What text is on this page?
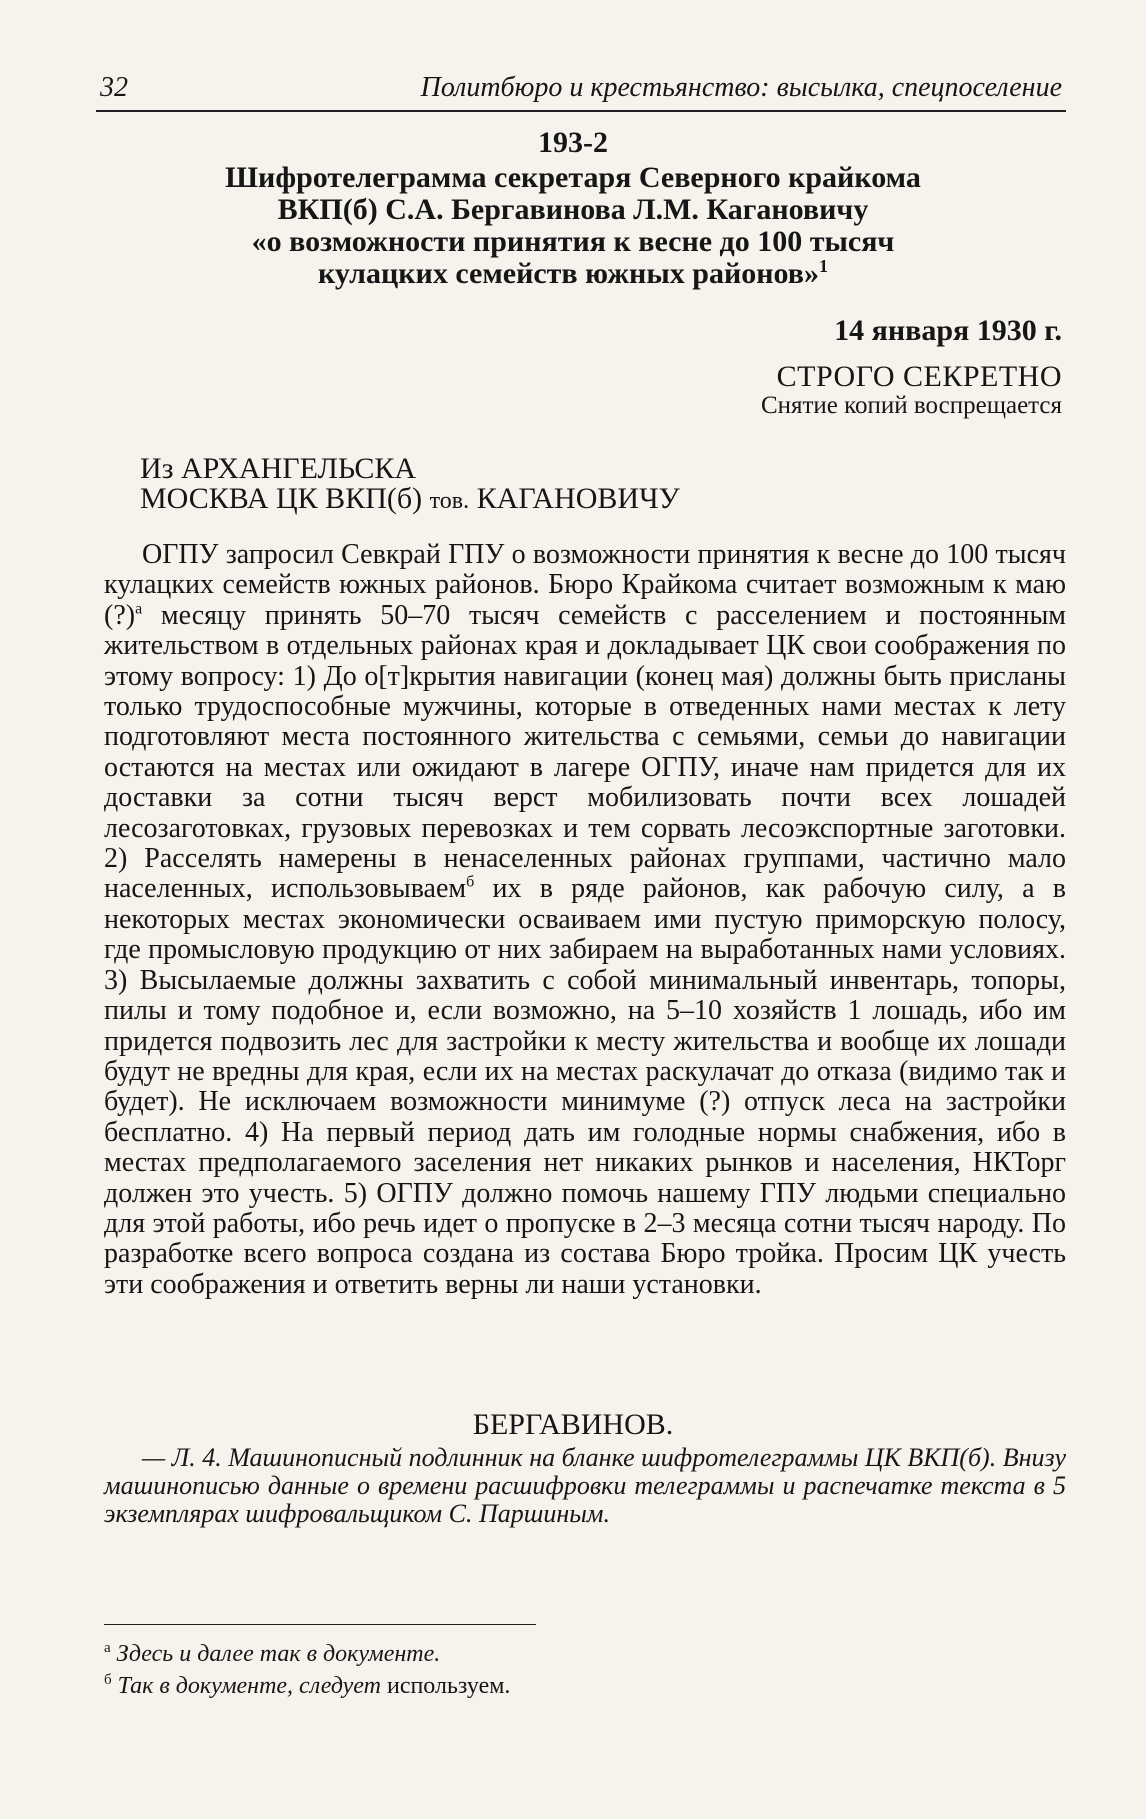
32	Политбюро и крестьянство: высылка, спецпоселение
193-2
Шифротелеграмма секретаря Северного крайкома
ВКП(б) С.А. Бергавинова Л.М. Кагановичу
«о возможности принятия к весне до 100 тысяч
кулацких семейств южных районов»$^1$
14 января 1930 г.
СТРОГО СЕКРЕТНО
Снятие копий воспрещается
Из АРХАНГЕЛЬСКА
МОСКВА ЦК ВКП(б) тов. КАГАНОВИЧУ

ОГПУ запросил Севкрай ГПУ о возможности принятия к весне до 100 тысяч кулацких семейств южных районов. Бюро Крайкома считает возможным к маю (?)$^а$ месяцу принять 50–70 тысяч семейств с расселением и постоянным жительством в отдельных районах края и докладывает ЦК свои соображения по этому вопросу: 1) До о[т]крытия навигации (конец мая) должны быть присланы только трудоспособные мужчины, которые в отведенных нами местах к лету подготовляют места постоянного жительства с семьями, семьи до навигации остаются на местах или ожидают в лагере ОГПУ, иначе нам придется для их доставки за сотни тысяч верст мобилизовать почти всех лошадей лесозаготовках, грузовых перевозках и тем сорвать лесоэкспортные заготовки. 2) Расселять намерены в ненаселенных районах группами, частично мало населенных, использовываем$^б$ их в ряде районов, как рабочую силу, а в некоторых местах экономически осваиваем ими пустую приморскую полосу, где промысловую продукцию от них забираем на выработанных нами условиях. 3) Высылаемые должны захватить с собой минимальный инвентарь, топоры, пилы и тому подобное и, если возможно, на 5–10 хозяйств 1 лошадь, ибо им придется подвозить лес для застройки к месту жительства и вообще их лошади будут не вредны для края, если их на местах раскулачат до отказа (видимо так и будет). Не исключаем возможности минимуме (?) отпуск леса на застройки бесплатно. 4) На первый период дать им голодные нормы снабжения, ибо в местах предполагаемого заселения нет никаких рынков и населения, НКТорг должен это учесть. 5) ОГПУ должно помочь нашему ГПУ людьми специально для этой работы, ибо речь идет о пропуске в 2–3 месяца сотни тысяч народу. По разработке всего вопроса создана из состава Бюро тройка. Просим ЦК учесть эти соображения и ответить верны ли наши установки.

БЕРГАВИНОВ.

— Л. 4. Машинописный подлинник на бланке шифротелеграммы ЦК ВКП(б). Внизу машинописью данные о времени расшифровки телеграммы и распечатке текста в 5 экземплярах шифровальщиком С. Паршиным.

$^а$ Здесь и далее так в документе.
$^б$ Так в документе, следует используем.
